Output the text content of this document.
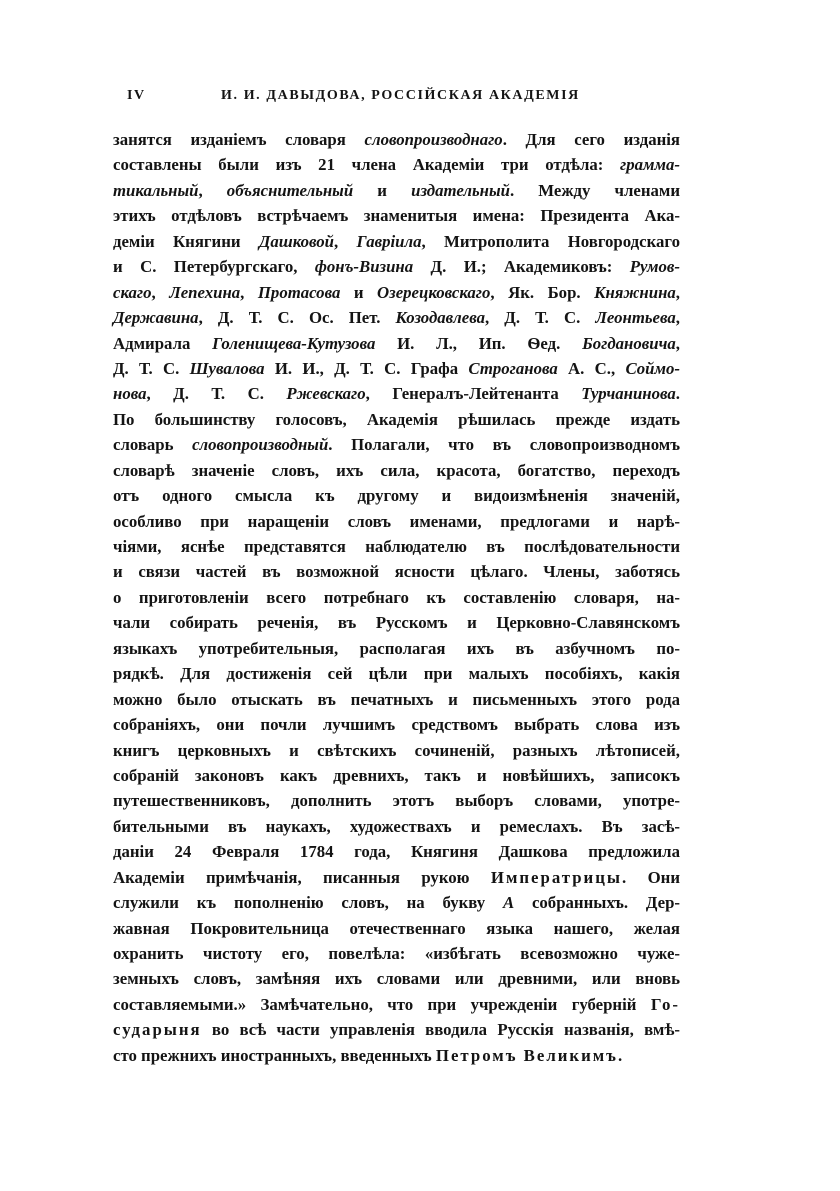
IV	И. И. ДАВЫДОВА, РОССІЙСКАЯ АКАДЕМІЯ
занятся изданіемъ словаря словопроизводнаго. Для сего изданія
составлены были изъ 21 члена Академіи три отдѣла: грамма-
тикальный, объяснительный и издательный. Между членами
этихъ отдѣловъ встрѣчаемъ знаменитыя имена: Президента Ака-
деміи Княгини Дашковой, Гаврiила, Митрополита Новгородскаго
и С. Петербургскаго, фонъ-Визина Д. И.; Академиковъ: Румов-
скаго, Лепехина, Протасова и Озерецковскаго, Як. Бор. Княжнина,
Державина, Д. Т. С. Ос. Пет. Козодавлева, Д. Т. С. Леонтьева,
Адмирала Голенищева-Кутузова И. Л., Ип. Ѳед. Богдановича,
Д. Т. С. Шувалова И. И., Д. Т. С. Графа Строганова А. С., Соймо-
нова, Д. Т. С. Ржевскаго, Генералъ-Лейтенанта Турчанинова.
По большинству голосовъ, Академія рѣшилась прежде издать
словарь словопроизводный. Полагали, что въ словопроизводномъ
словарѣ значеніе словъ, ихъ сила, красота, богатство, переходъ
отъ одного смысла къ другому и видоизмѣненія значеній,
особливо при наращеніи словъ именами, предлогами и нарѣ-
чіями, яснѣе представятся наблюдателю въ послѣдовательности
и связи частей въ возможной ясности цѣлаго. Члены, заботясь
о приготовленіи всего потребнаго къ составленію словаря, на-
чали собирать реченія, въ Русскомъ и Церковно-Славянскомъ
языкахъ употребительныя, располагая ихъ въ азбучномъ по-
рядкѣ. Для достиженія сей цѣли при малыхъ пособіяхъ, какія
можно было отыскать въ печатныхъ и письменныхъ этого рода
собраніяхъ, они почли лучшимъ средствомъ выбрать слова изъ
книгъ церковныхъ и свѣтскихъ сочиненій, разныхъ лѣтописей,
собраній законовъ какъ древнихъ, такъ и новѣйшихъ, записокъ
путешественниковъ, дополнить этотъ выборъ словами, употре-
бительными въ наукахъ, художествахъ и ремеслахъ. Въ засѣ-
даніи 24 Февраля 1784 года, Княгиня Дашкова предложила
Академіи примѣчанія, писанныя рукою Императрицы. Они
служили къ пополненію словъ, на букву А собранныхъ. Дер-
жавная Покровительница отечественнаго языка нашего, желая
охранить чистоту его, повелѣла: «избѣгать всевозможно чуже-
земныхъ словъ, замѣняя ихъ словами или древними, или вновь
составляемыми.» Замѣчательно, что при учрежденіи губерній Го-
сударыня во всѣ части управленія вводила Русскія названія, вмѣ-
сто прежнихъ иностранныхъ, введенныхъ Петромъ Великимъ.
